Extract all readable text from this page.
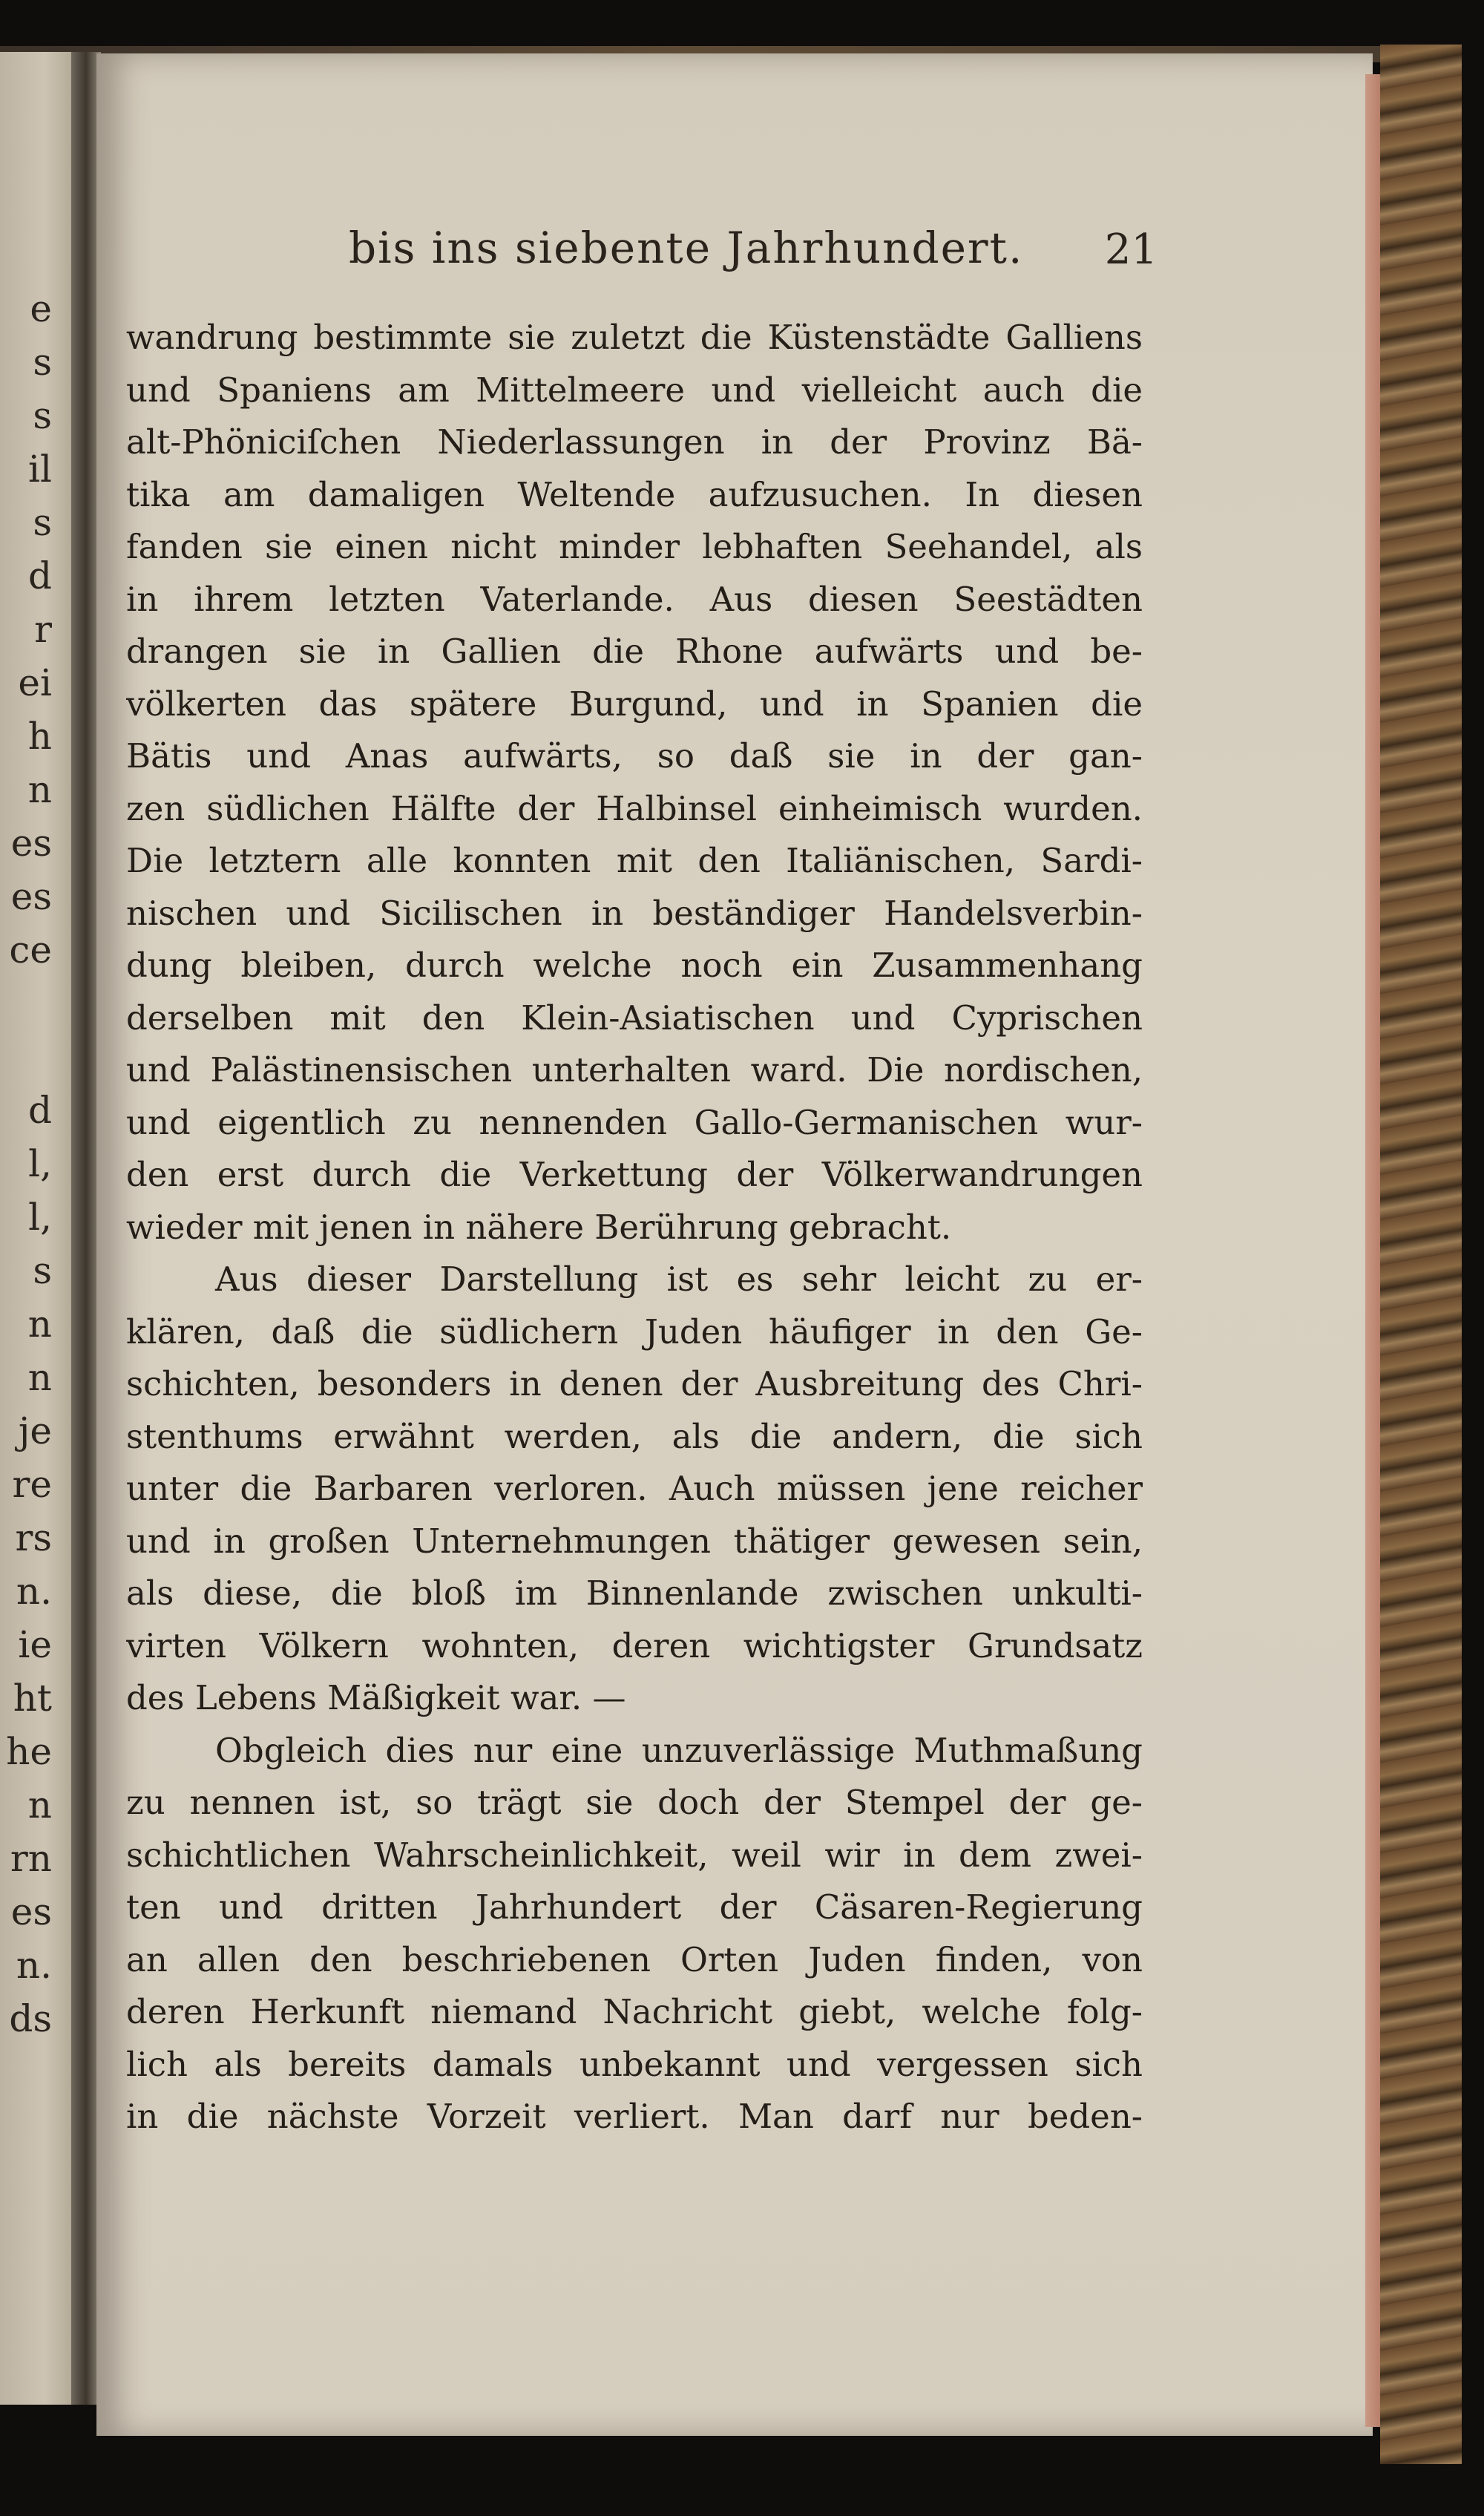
e
s
s
il
s
d
r
ei
h
n
es
es
ce
d
l,
l,
s
n
n
je
re
rs
n.
ie
ht
he
n
rn
es
n.
ds
bis ins siebente Jahrhundert.	21
wandrung bestimmte sie zuletzt die Küstenstädte Galliens
und Spaniens am Mittelmeere und vielleicht auch die
alt-Phöniciſchen Niederlassungen in der Provinz Bä-
tika am damaligen Weltende aufzusuchen. In diesen
fanden sie einen nicht minder lebhaften Seehandel, als
in ihrem letzten Vaterlande. Aus diesen Seestädten
drangen sie in Gallien die Rhone aufwärts und be-
völkerten das spätere Burgund, und in Spanien die
Bätis und Anas aufwärts, so daß sie in der gan-
zen südlichen Hälfte der Halbinsel einheimisch wurden.
Die letztern alle konnten mit den Italiänischen, Sardi-
nischen und Sicilischen in beständiger Handelsverbin-
dung bleiben, durch welche noch ein Zusammenhang
derselben mit den Klein-Asiatischen und Cyprischen
und Palästinensischen unterhalten ward. Die nordischen,
und eigentlich zu nennenden Gallo-Germanischen wur-
den erst durch die Verkettung der Völkerwandrungen
wieder mit jenen in nähere Berührung gebracht.
Aus dieser Darstellung ist es sehr leicht zu er-
klären, daß die südlichern Juden häufiger in den Ge-
schichten, besonders in denen der Ausbreitung des Chri-
stenthums erwähnt werden, als die andern, die sich
unter die Barbaren verloren. Auch müssen jene reicher
und in großen Unternehmungen thätiger gewesen sein,
als diese, die bloß im Binnenlande zwischen unkulti-
virten Völkern wohnten, deren wichtigster Grundsatz
des Lebens Mäßigkeit war. —
Obgleich dies nur eine unzuverlässige Muthmaßung
zu nennen ist, so trägt sie doch der Stempel der ge-
schichtlichen Wahrscheinlichkeit, weil wir in dem zwei-
ten und dritten Jahrhundert der Cäsaren-Regierung
an allen den beschriebenen Orten Juden finden, von
deren Herkunft niemand Nachricht giebt, welche folg-
lich als bereits damals unbekannt und vergessen sich
in die nächste Vorzeit verliert. Man darf nur beden-
